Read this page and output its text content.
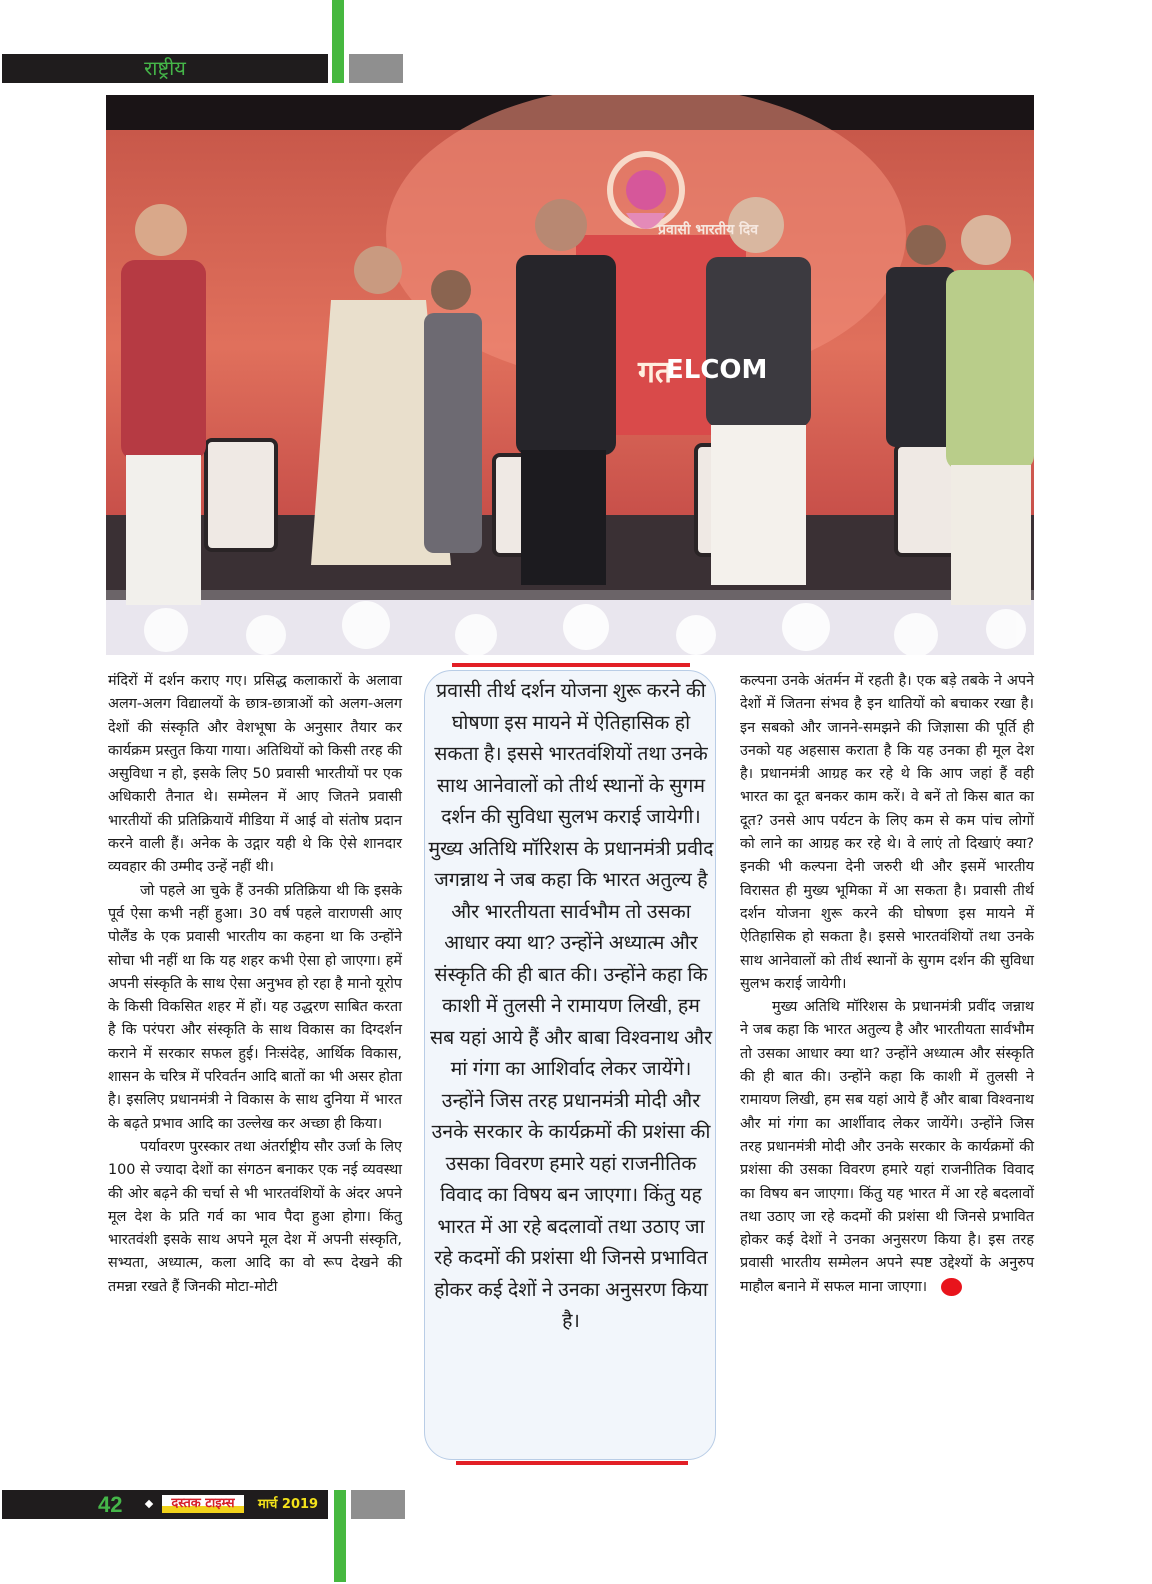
राष्ट्रीय
प्रवासी भारतीय दिव
गत
ELCOM

मंदिरों में दर्शन कराए गए। प्रसिद्ध कलाकारों के अलावा अलग-अलग विद्यालयों के छात्र-छात्राओं को अलग-अलग देशों की संस्कृति और वेशभूषा के अनुसार तैयार कर कार्यक्रम प्रस्तुत किया गाया। अतिथियों को किसी तरह की असुविधा न हो, इसके लिए 50 प्रवासी भारतीयों पर एक अधिकारी तैनात थे। सम्मेलन में आए जितने प्रवासी भारतीयों की प्रतिक्रियायें मीडिया में आई वो संतोष प्रदान करने वाली हैं। अनेक के उद्गार यही थे कि ऐसे शानदार व्यवहार की उम्मीद उन्हें नहीं थी।

जो पहले आ चुके हैं उनकी प्रतिक्रिया थी कि इसके पूर्व ऐसा कभी नहीं हुआ। 30 वर्ष पहले वाराणसी आए पोलैंड के एक प्रवासी भारतीय का कहना था कि उन्होंने सोचा भी नहीं था कि यह शहर कभी ऐसा हो जाएगा। हमें अपनी संस्कृति के साथ ऐसा अनुभव हो रहा है मानो यूरोप के किसी विकसित शहर में हों। यह उद्धरण साबित करता है कि परंपरा और संस्कृति के साथ विकास का दिग्दर्शन कराने में सरकार सफल हुई। निःसंदेह, आर्थिक विकास, शासन के चरित्र में परिवर्तन आदि बातों का भी असर होता है। इसलिए प्रधानमंत्री ने विकास के साथ दुनिया में भारत के बढ़ते प्रभाव आदि का उल्लेख कर अच्छा ही किया।

पर्यावरण पुरस्कार तथा अंतर्राष्ट्रीय सौर उर्जा के लिए 100 से ज्यादा देशों का संगठन बनाकर एक नई व्यवस्था की ओर बढ़ने की चर्चा से भी भारतवंशियों के अंदर अपने मूल देश के प्रति गर्व का भाव पैदा हुआ होगा। किंतु भारतवंशी इसके साथ अपने मूल देश में अपनी संस्कृति, सभ्यता, अध्यात्म, कला आदि का वो रूप देखने की तमन्ना रखते हैं जिनकी मोटा-मोटी

प्रवासी तीर्थ दर्शन योजना शुरू करने की घोषणा इस मायने में ऐतिहासिक हो सकता है। इससे भारतवंशियों तथा उनके साथ आनेवालों को तीर्थ स्थानों के सुगम दर्शन की सुविधा सुलभ कराई जायेगी। मुख्य अतिथि मॉरिशस के प्रधानमंत्री प्रवीद जगन्नाथ ने जब कहा कि भारत अतुल्य है और भारतीयता सार्वभौम तो उसका आधार क्या था? उन्होंने अध्यात्म और संस्कृति की ही बात की। उन्होंने कहा कि काशी में तुलसी ने रामायण लिखी, हम सब यहां आये हैं और बाबा विश्वनाथ और मां गंगा का आशिर्वाद लेकर जायेंगे। उन्होंने जिस तरह प्रधानमंत्री मोदी और उनके सरकार के कार्यक्रमों की प्रशंसा की उसका विवरण हमारे यहां राजनीतिक विवाद का विषय बन जाएगा। किंतु यह भारत में आ रहे बदलावों तथा उठाए जा रहे कदमों की प्रशंसा थी जिनसे प्रभावित होकर कई देशों ने उनका अनुसरण किया है।

कल्पना उनके अंतर्मन में रहती है। एक बड़े तबके ने अपने देशों में जितना संभव है इन थातियों को बचाकर रखा है। इन सबको और जानने-समझने की जिज्ञासा की पूर्ति ही उनको यह अहसास कराता है कि यह उनका ही मूल देश है। प्रधानमंत्री आग्रह कर रहे थे कि आप जहां हैं वही भारत का दूत बनकर काम करें। वे बनें तो किस बात का दूत? उनसे आप पर्यटन के लिए कम से कम पांच लोगों को लाने का आग्रह कर रहे थे। वे लाएं तो दिखाएं क्या? इनकी भी कल्पना देनी जरुरी थी और इसमें भारतीय विरासत ही मुख्य भूमिका में आ सकता है। प्रवासी तीर्थ दर्शन योजना शुरू करने की घोषणा इस मायने में ऐतिहासिक हो सकता है। इससे भारतवंशियों तथा उनके साथ आनेवालों को तीर्थ स्थानों के सुगम दर्शन की सुविधा सुलभ कराई जायेगी।

मुख्य अतिथि मॉरिशस के प्रधानमंत्री प्रवींद जन्नाथ ने जब कहा कि भारत अतुल्य है और भारतीयता सार्वभौम तो उसका आधार क्या था? उन्होंने अध्यात्म और संस्कृति की ही बात की। उन्होंने कहा कि काशी में तुलसी ने रामायण लिखी, हम सब यहां आये हैं और बाबा विश्वनाथ और मां गंगा का आर्शीवाद लेकर जायेंगे। उन्होंने जिस तरह प्रधानमंत्री मोदी और उनके सरकार के कार्यक्रमों की प्रशंसा की उसका विवरण हमारे यहां राजनीतिक विवाद का विषय बन जाएगा। किंतु यह भारत में आ रहे बदलावों तथा उठाए जा रहे कदमों की प्रशंसा थी जिनसे प्रभावित होकर कई देशों ने उनका अनुसरण किया है। इस तरह प्रवासी भारतीय सम्मेलन अपने स्पष्ट उद्देश्यों के अनुरुप माहौल बनाने में सफल माना जाएगा।

42	दस्तक टाइम्स	मार्च 2019
